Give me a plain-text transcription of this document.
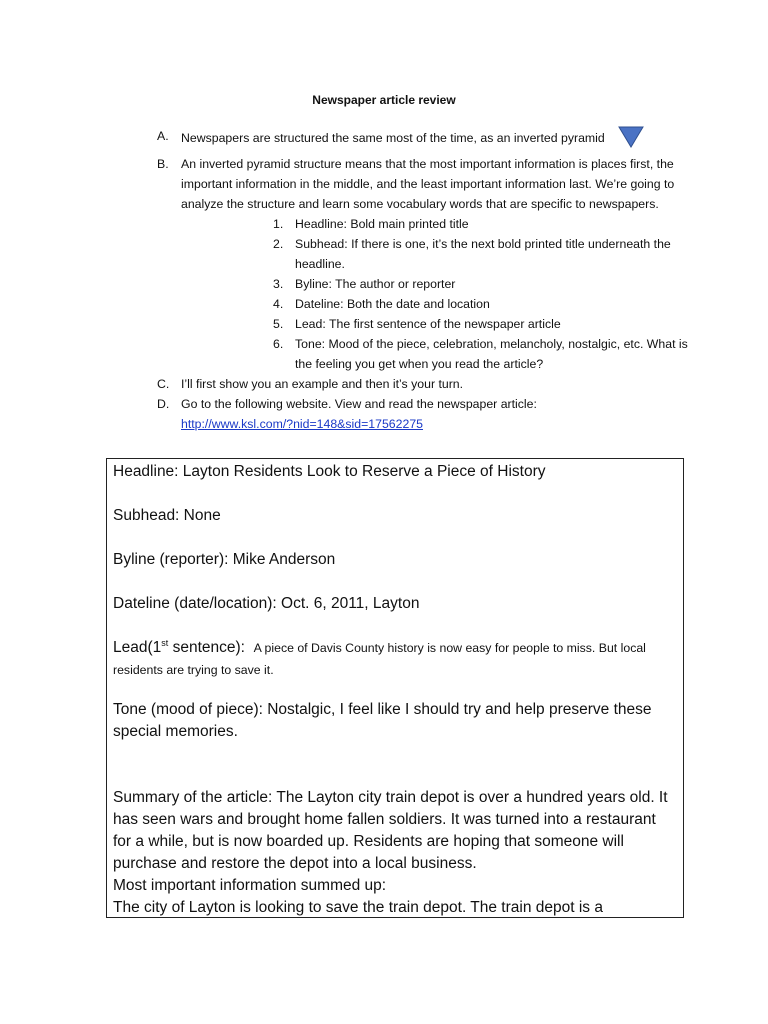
Newspaper article review
A. Newspapers are structured the same most of the time, as an inverted pyramid
B. An inverted pyramid structure means that the most important information is places first, the important information in the middle, and the least important information last. We’re going to analyze the structure and learn some vocabulary words that are specific to newspapers.
1. Headline: Bold main printed title
2. Subhead: If there is one, it’s the next bold printed title underneath the headline.
3. Byline: The author or reporter
4. Dateline: Both the date and location
5. Lead: The first sentence of the newspaper article
6. Tone: Mood of the piece, celebration, melancholy, nostalgic, etc. What is the feeling you get when you read the article?
C. I’ll first show you an example and then it’s your turn.
D. Go to the following website. View and read the newspaper article:
http://www.ksl.com/?nid=148&sid=17562275

Headline: Layton Residents Look to Reserve a Piece of History

Subhead: None

Byline (reporter): Mike Anderson

Dateline (date/location): Oct. 6, 2011, Layton

Lead(1st sentence): A piece of Davis County history is now easy for people to miss. But local residents are trying to save it.

Tone (mood of piece): Nostalgic, I feel like I should try and help preserve these special memories.

Summary of the article: The Layton city train depot is over a hundred years old. It has seen wars and brought home fallen soldiers. It was turned into a restaurant for a while, but is now boarded up. Residents are hoping that someone will purchase and restore the depot into a local business.

Most important information summed up:

The city of Layton is looking to save the train depot. The train depot is a
